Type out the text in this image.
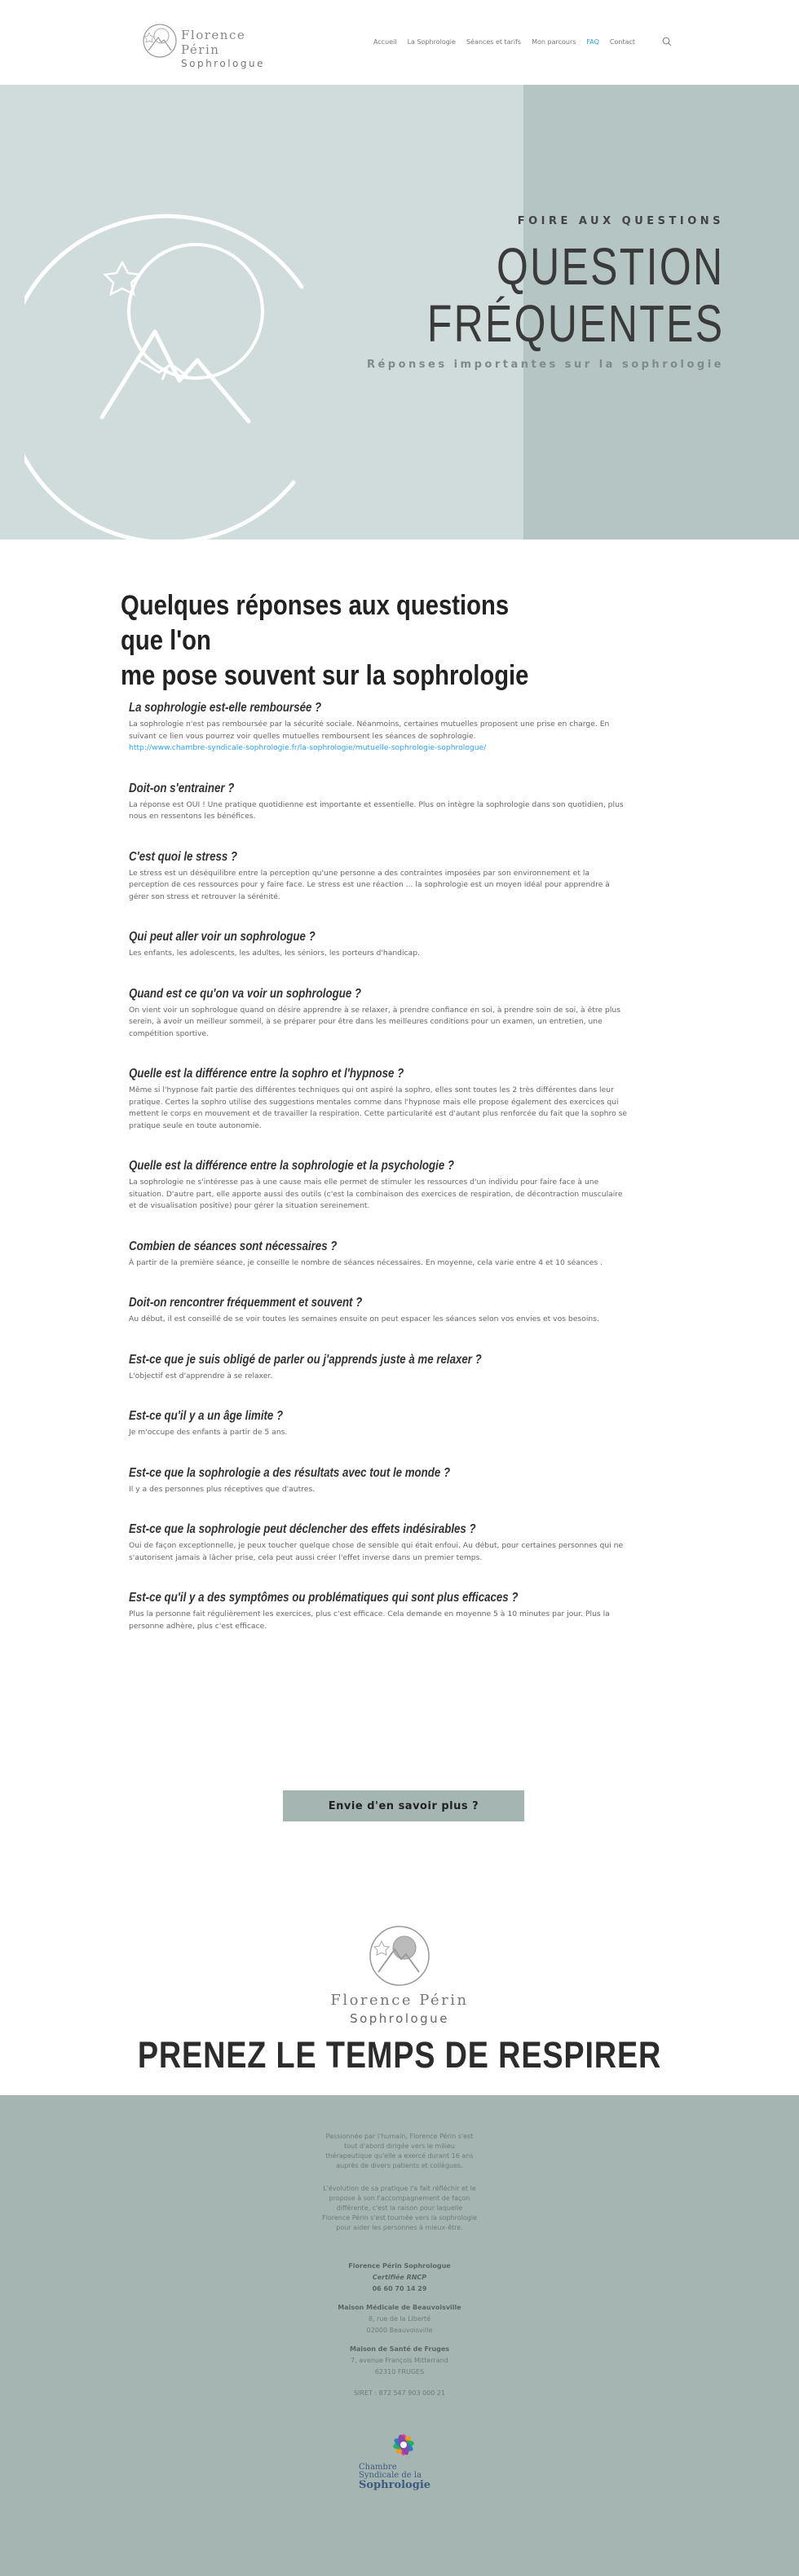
Florence Périn
Sophrologue
Accueil La Sophrologie Séances et tarifs Mon parcours FAQ Contact
FOIRE AUX QUESTIONS
QUESTION
FRÉQUENTES
Réponses importantes sur la sophrologie
Quelques réponses aux questions que l'on
me pose souvent sur la sophrologie
La sophrologie est-elle remboursée ?
La sophrologie n'est pas remboursée par la sécurité sociale. Néanmoins, certaines mutuelles proposent une prise en charge. En suivant ce lien vous pourrez voir quelles mutuelles remboursent les séances de sophrologie.
http://www.chambre-syndicale-sophrologie.fr/la-sophrologie/mutuelle-sophrologie-sophrologue/
Doit-on s'entrainer ?
La réponse est OUI ! Une pratique quotidienne est importante et essentielle. Plus on intègre la sophrologie dans son quotidien, plus nous en ressentons les bénéfices.
C'est quoi le stress ?
Le stress est un déséquilibre entre la perception qu'une personne a des contraintes imposées par son environnement et la perception de ces ressources pour y faire face. Le stress est une réaction ... la sophrologie est un moyen idéal pour apprendre à gérer son stress et retrouver la sérénité.
Qui peut aller voir un sophrologue ?
Les enfants, les adolescents, les adultes, les séniors, les porteurs d'handicap.
Quand est ce qu'on va voir un sophrologue ?
On vient voir un sophrologue quand on désire apprendre à se relaxer, à prendre confiance en soi, à prendre soin de soi, à être plus serein, à avoir un meilleur sommeil, à se préparer pour être dans les meilleures conditions pour un examen, un entretien, une compétition sportive.
Quelle est la différence entre la sophro et l'hypnose ?
Même si l'hypnose fait partie des différentes techniques qui ont aspiré la sophro, elles sont toutes les 2 très différentes dans leur pratique. Certes la sophro utilise des suggestions mentales comme dans l'hypnose mais elle propose également des exercices qui mettent le corps en mouvement et de travailler la respiration. Cette particularité est d'autant plus renforcée du fait que la sophro se pratique seule en toute autonomie.
Quelle est la différence entre la sophrologie et la psychologie ?
La sophrologie ne s'intéresse pas à une cause mais elle permet de stimuler les ressources d'un individu pour faire face à une situation. D'autre part, elle apporte aussi des outils (c'est la combinaison des exercices de respiration, de décontraction musculaire et de visualisation positive) pour gérer la situation sereinement.
Combien de séances sont nécessaires ?
À partir de la première séance, je conseille le nombre de séances nécessaires. En moyenne, cela varie entre 4 et 10 séances .
Doit-on rencontrer fréquemment et souvent ?
Au début, il est conseillé de se voir toutes les semaines ensuite on peut espacer les séances selon vos envies et vos besoins.
Est-ce que je suis obligé de parler ou j'apprends juste à me relaxer ?
L'objectif est d'apprendre à se relaxer.
Est-ce qu'il y a un âge limite ?
Je m'occupe des enfants à partir de 5 ans.
Est-ce que la sophrologie a des résultats avec tout le monde ?
Il y a des personnes plus réceptives que d'autres.
Est-ce que la sophrologie peut déclencher des effets indésirables ?
Oui de façon exceptionnelle, je peux toucher quelque chose de sensible qui était enfoui. Au début, pour certaines personnes qui ne s'autorisent jamais à lâcher prise, cela peut aussi créer l'effet inverse dans un premier temps.
Est-ce qu'il y a des symptômes ou problématiques qui sont plus efficaces ?
Plus la personne fait régulièrement les exercices, plus c'est efficace. Cela demande en moyenne 5 à 10 minutes par jour. Plus la personne adhère, plus c'est efficace.
Envie d'en savoir plus ?
Florence Périn
Sophrologue
PRENEZ LE TEMPS DE RESPIRER
Passionnée par l'humain, Florence Périn s'est tout d'abord dirigée vers le milieu thérapeutique qu'elle a exercé durant 16 ans auprès de divers patients et collègues.
L'évolution de sa pratique l'a fait réfléchir et le propose à son l'accompagnement de façon différente, c'est la raison pour laquelle Florence Périn s'est tournée vers la sophrologie pour aider les personnes à mieux-être.
Florence Périn Sophrologue
Certifiée RNCP
06 60 70 14 29
Maison Médicale de Beauvoisville
8, rue de la Liberté
02000 Beauvoisville
Maison de Santé de Fruges
7, avenue François Mitterrand
62310 FRUGES
SIRET : 872 547 903 000 21
Chambre
Syndicale de la
Sophrologie
